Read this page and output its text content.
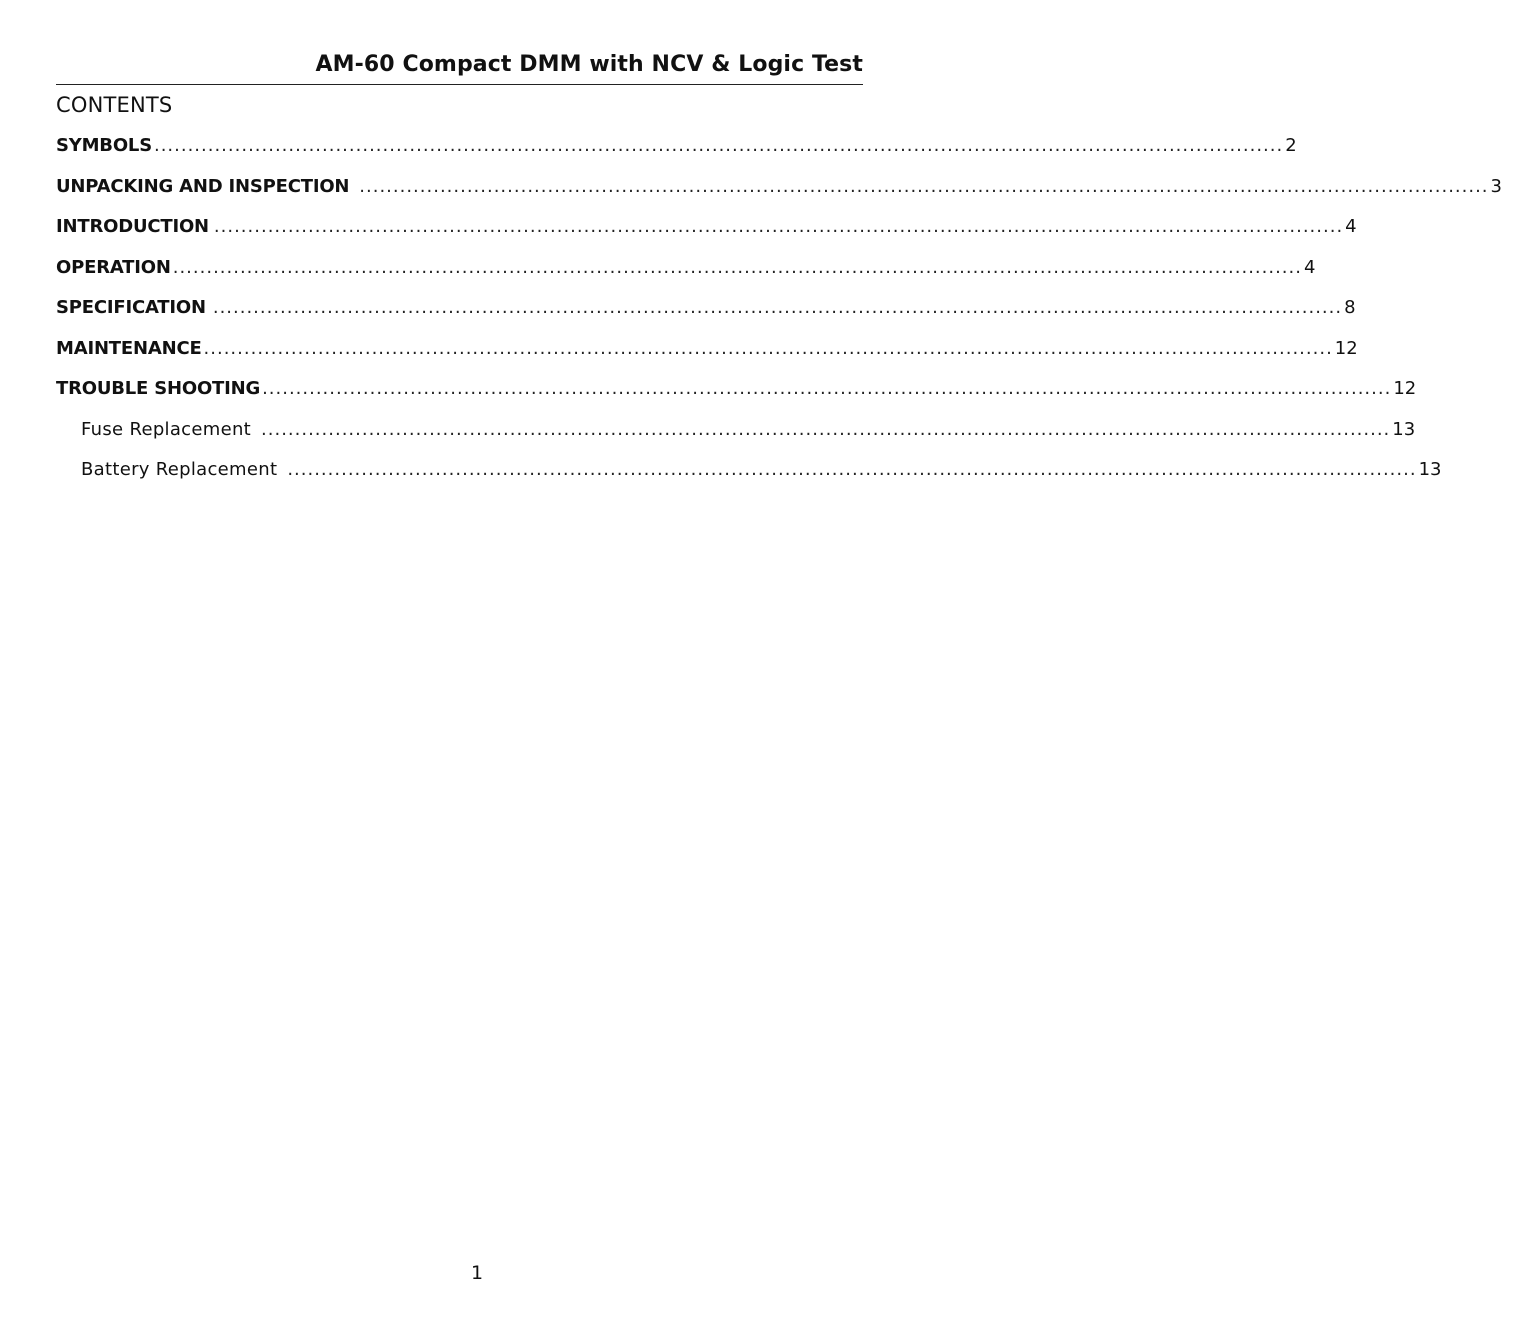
AM-60 Compact DMM with NCV & Logic Test
CONTENTS
SYMBOLS ........................................................................................................................................................................ 2
UNPACKING AND INSPECTION ........................................................................................................................................................................ 3
INTRODUCTION ........................................................................................................................................................................ 4
OPERATION ........................................................................................................................................................................ 4
SPECIFICATION ........................................................................................................................................................................ 8
MAINTENANCE ........................................................................................................................................................................ 12
TROUBLE SHOOTING ........................................................................................................................................................................ 12
Fuse Replacement ........................................................................................................................................................................ 13
Battery Replacement ........................................................................................................................................................................ 13
1
